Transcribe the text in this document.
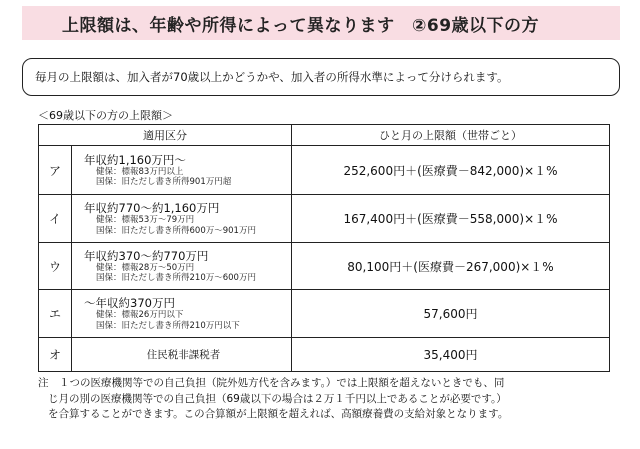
上限額は、年齢や所得によって異なります　②69歳以下の方
毎月の上限額は、加入者が70歳以上かどうかや、加入者の所得水準によって分けられます。
＜69歳以下の方の上限額＞
適用区分		ひと月の上限額（世帯ごと）
ア	年収約1,160万円～
健保：標報83万円以上
国保：旧ただし書き所得901万円超	252,600円＋(医療費－842,000)×１%
イ	年収約770～約1,160万円
健保：標報53万～79万円
国保：旧ただし書き所得600万～901万円	167,400円＋(医療費－558,000)×１%
ウ	年収約370～約770万円
健保：標報28万～50万円
国保：旧ただし書き所得210万～600万円	80,100円＋(医療費－267,000)×１%
エ	～年収約370万円
健保：標報26万円以下
国保：旧ただし書き所得210万円以下	57,600円
オ	住民税非課税者	35,400円
注　１つの医療機関等での自己負担（院外処方代を含みます。）では上限額を超えないときでも、同
じ月の別の医療機関等での自己負担（69歳以下の場合は２万１千円以上であることが必要です。）
を合算することができます。この合算額が上限額を超えれば、高額療養費の支給対象となります。
